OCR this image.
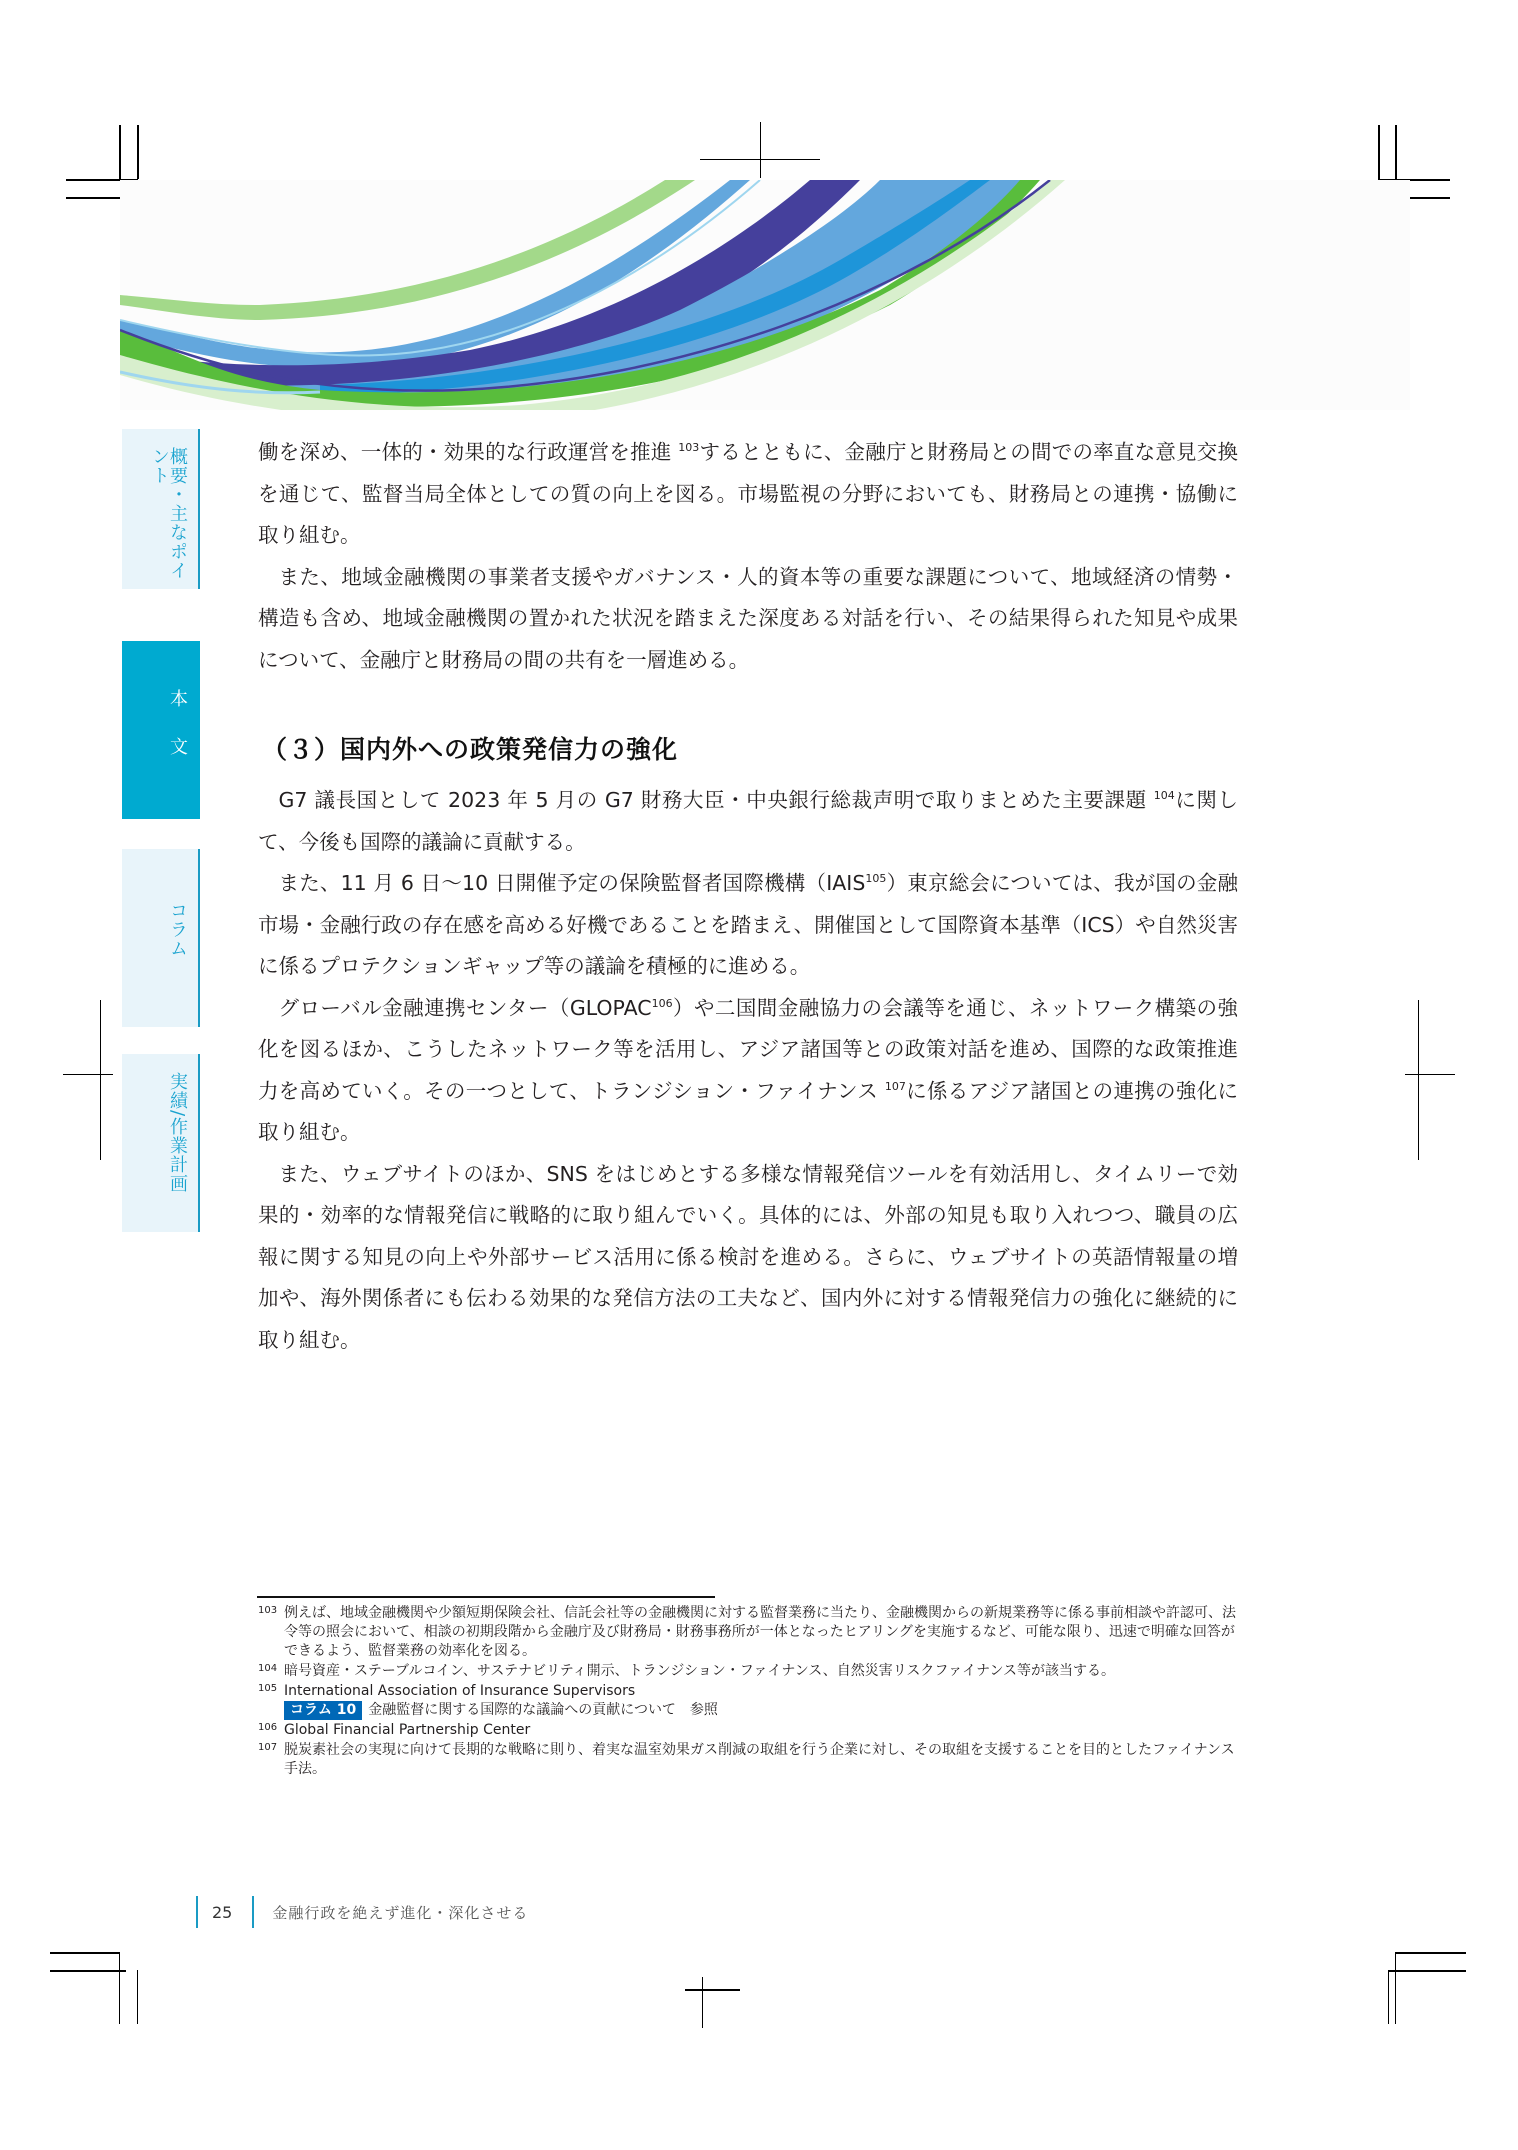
概要・主なポイント
本文
コラム
実績/作業計画

働を深め、一体的・効果的な行政運営を推進 $^{103}$するとともに、金融庁と財務局との間での率直な意見交換を通じて、監督当局全体としての質の向上を図る。市場監視の分野においても、財務局との連携・協働に取り組む。

また、地域金融機関の事業者支援やガバナンス・人的資本等の重要な課題について、地域経済の情勢・構造も含め、地域金融機関の置かれた状況を踏まえた深度ある対話を行い、その結果得られた知見や成果について、金融庁と財務局の間の共有を一層進める。

（３）国内外への政策発信力の強化

G7 議長国として 2023 年 5 月の G7 財務大臣・中央銀行総裁声明で取りまとめた主要課題 $^{104}$に関して、今後も国際的議論に貢献する。

また、11 月 6 日～10 日開催予定の保険監督者国際機構（IAIS$^{105}$）東京総会については、我が国の金融市場・金融行政の存在感を高める好機であることを踏まえ、開催国として国際資本基準（ICS）や自然災害に係るプロテクションギャップ等の議論を積極的に進める。

グローバル金融連携センター（GLOPAC$^{106}$）や二国間金融協力の会議等を通じ、ネットワーク構築の強化を図るほか、こうしたネットワーク等を活用し、アジア諸国等との政策対話を進め、国際的な政策推進力を高めていく。その一つとして、トランジション・ファイナンス $^{107}$に係るアジア諸国との連携の強化に取り組む。

また、ウェブサイトのほか、SNS をはじめとする多様な情報発信ツールを有効活用し、タイムリーで効果的・効率的な情報発信に戦略的に取り組んでいく。具体的には、外部の知見も取り入れつつ、職員の広報に関する知見の向上や外部サービス活用に係る検討を進める。さらに、ウェブサイトの英語情報量の増加や、海外関係者にも伝わる効果的な発信方法の工夫など、国内外に対する情報発信力の強化に継続的に取り組む。

103 例えば、地域金融機関や少額短期保険会社、信託会社等の金融機関に対する監督業務に当たり、金融機関からの新規業務等に係る事前相談や許認可、法令等の照会において、相談の初期段階から金融庁及び財務局・財務事務所が一体となったヒアリングを実施するなど、可能な限り、迅速で明確な回答ができるよう、監督業務の効率化を図る。
104 暗号資産・ステーブルコイン、サステナビリティ開示、トランジション・ファイナンス、自然災害リスクファイナンス等が該当する。
105 International Association of Insurance Supervisors
コラム 10 金融監督に関する国際的な議論への貢献について　参照
106 Global Financial Partnership Center
107 脱炭素社会の実現に向けて長期的な戦略に則り、着実な温室効果ガス削減の取組を行う企業に対し、その取組を支援することを目的としたファイナンス手法。
25	金融行政を絶えず進化・深化させる
